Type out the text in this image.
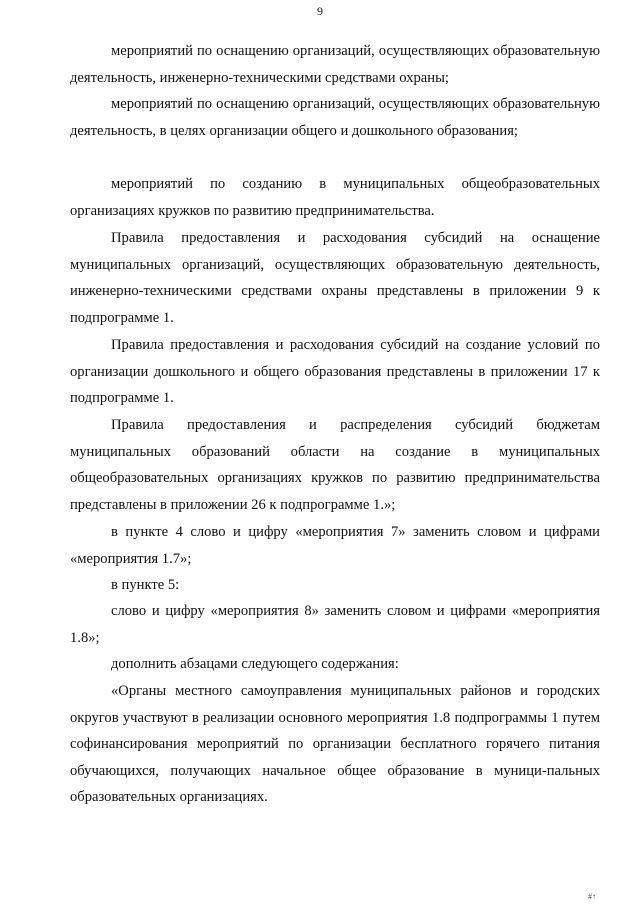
9

мероприятий по оснащению организаций, осуществляющих образовательную деятельность, инженерно-техническими средствами охраны;

мероприятий по оснащению организаций, осуществляющих образовательную деятельность, в целях организации общего и дошкольного образования;

мероприятий по созданию в муниципальных общеобразовательных организациях кружков по развитию предпринимательства.

Правила предоставления и расходования субсидий на оснащение муниципальных организаций, осуществляющих образовательную деятельность, инженерно-техническими средствами охраны представлены в приложении 9 к подпрограмме 1.

Правила предоставления и расходования субсидий на создание условий по организации дошкольного и общего образования представлены в приложении 17 к подпрограмме 1.

Правила предоставления и распределения субсидий бюджетам муниципальных образований области на создание в муниципальных общеобразовательных организациях кружков по развитию предпринимательства представлены в приложении 26 к подпрограмме 1.»;

в пункте 4 слово и цифру «мероприятия 7» заменить словом и цифрами «мероприятия 1.7»;

в пункте 5:

слово и цифру «мероприятия 8» заменить словом и цифрами «мероприятия 1.8»;

дополнить абзацами следующего содержания:

«Органы местного самоуправления муниципальных районов и городских округов участвуют в реализации основного мероприятия 1.8 подпрограммы 1 путем софинансирования мероприятий по организации бесплатного горячего питания обучающихся, получающих начальное общее образование в муници-пальных образовательных организациях.

#↑
